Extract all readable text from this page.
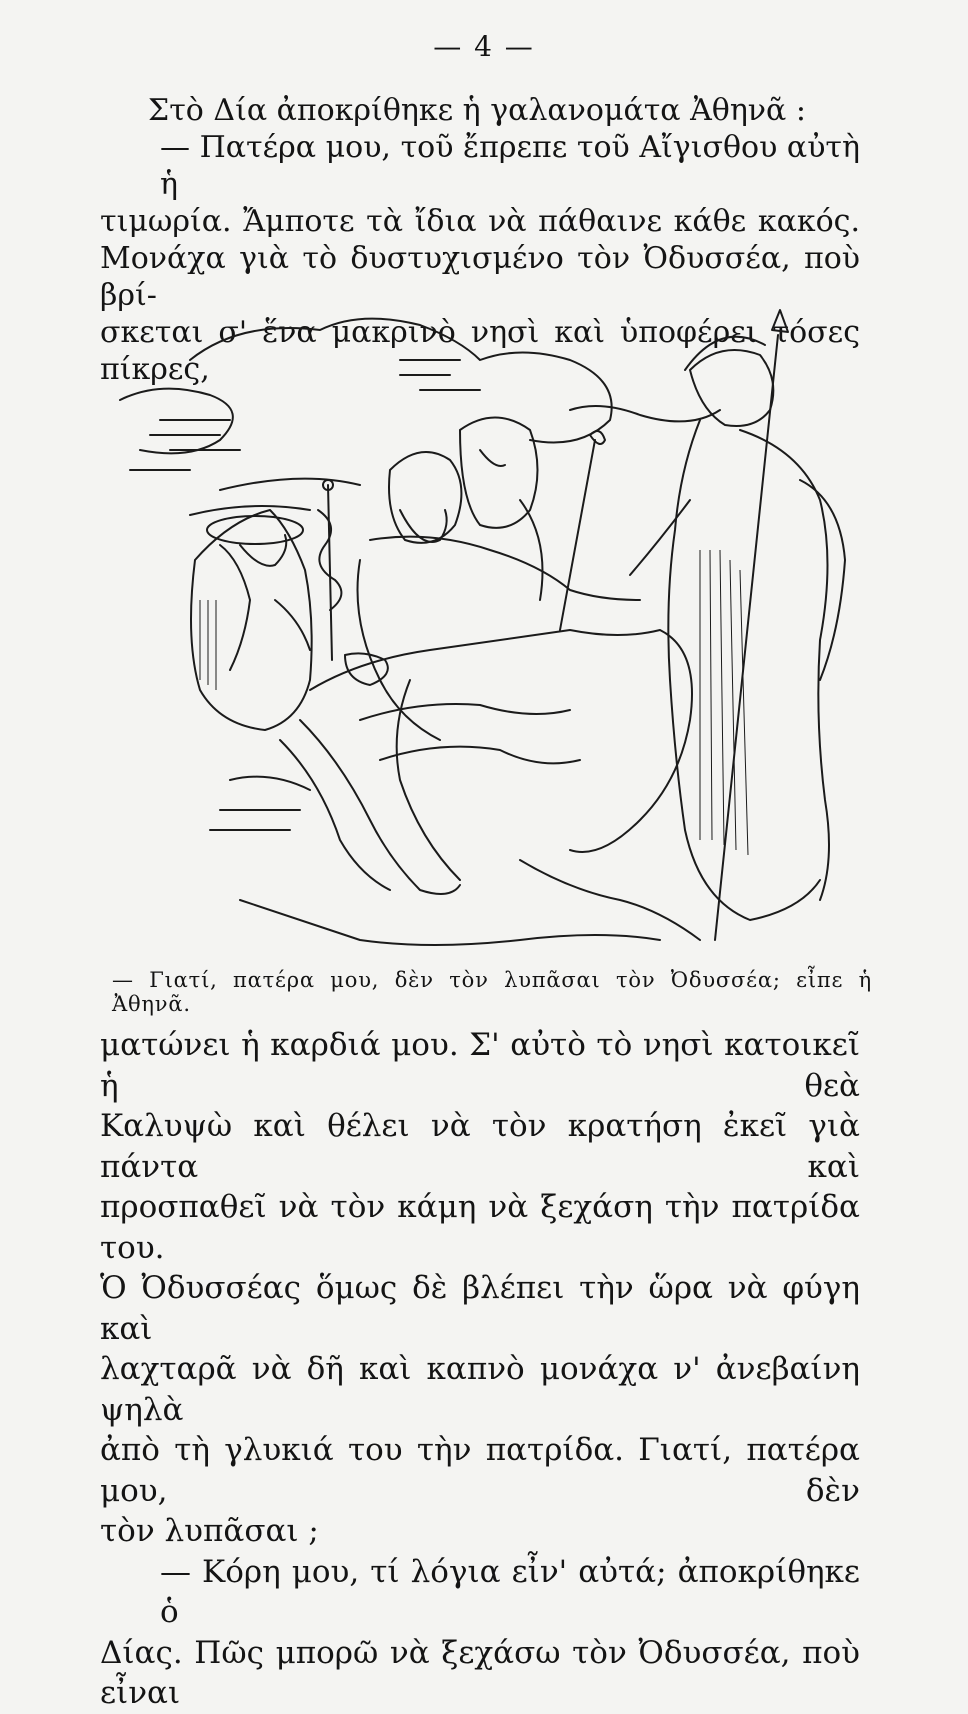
— 4 —
Στὸ Δία ἀποκρίθηκε ἡ γαλανομάτα Ἀθηνᾶ :
— Πατέρα μου, τοῦ ἔπρεπε τοῦ Αἴγισθου αὐτὴ ἡ
τιμωρία. Ἄμποτε τὰ ἴδια νὰ πάθαινε κάθε κακός.
Μονάχα γιὰ τὸ δυστυχισμένο τὸν Ὀδυσσέα, ποὺ βρί-
σκεται σ' ἕνα μακρινὸ νησὶ καὶ ὑποφέρει τόσες πίκρες,
— Γιατί, πατέρα μου, δὲν τὸν λυπᾶσαι τὸν Ὀδυσσέα; εἶπε ἡ Ἀθηνᾶ.
ματώνει ἡ καρδιά μου. Σ' αὐτὸ τὸ νησὶ κατοικεῖ ἡ θεὰ
Καλυψὼ καὶ θέλει νὰ τὸν κρατήση ἐκεῖ γιὰ πάντα καὶ
προσπαθεῖ νὰ τὸν κάμη νὰ ξεχάση τὴν πατρίδα του.
Ὁ Ὀδυσσέας ὅμως δὲ βλέπει τὴν ὥρα νὰ φύγη καὶ
λαχταρᾶ νὰ δῆ καὶ καπνὸ μονάχα ν' ἀνεβαίνη ψηλὰ
ἀπὸ τὴ γλυκιά του τὴν πατρίδα. Γιατί, πατέρα μου, δὲν
τὸν λυπᾶσαι ;
— Κόρη μου, τί λόγια εἶν' αὐτά; ἀποκρίθηκε ὁ
Δίας. Πῶς μπορῶ νὰ ξεχάσω τὸν Ὀδυσσέα, ποὺ εἶναι
